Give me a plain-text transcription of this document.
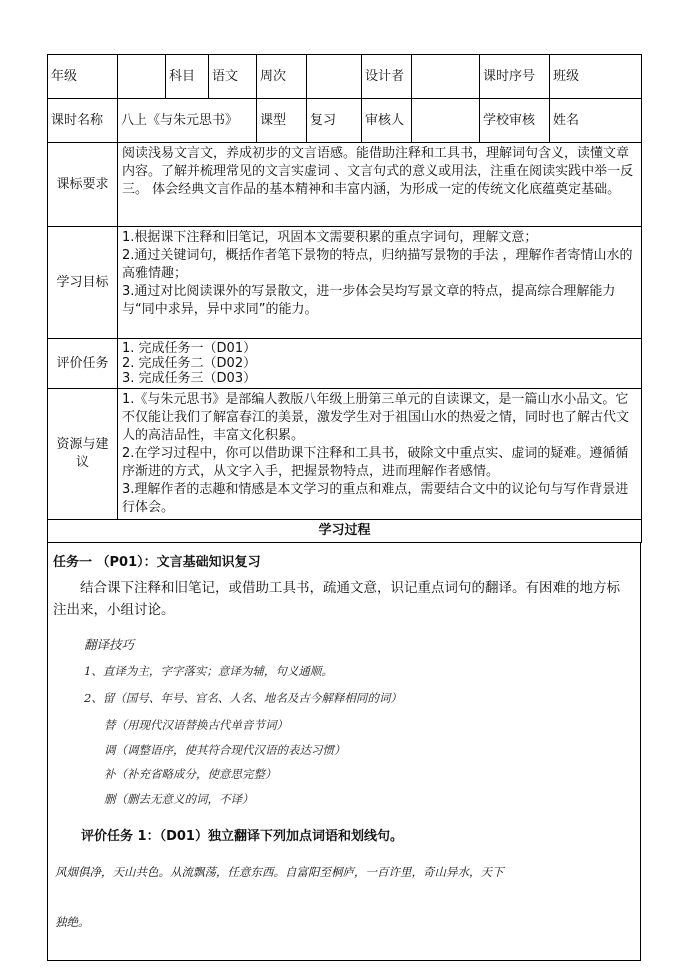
年级		科目	语文	周次		设计者		课时序号	班级
课时名称	八上《与朱元思书》			课型	复习	审核人		学校审核	姓名
课标要求	阅读浅易文言文，养成初步的文言语感。能借助注释和工具书，理解词句含义，读懂文章内容。了解并梳理常见的文言实虚词 、文言句式的意义或用法，注重在阅读实践中举一反三。 体会经典文言作品的基本精神和丰富内涵，为形成一定的传统文化底蕴奠定基础。								
学习目标	1.根据课下注释和旧笔记，巩固本文需要积累的重点字词句，理解文意；
2.通过关键词句，概括作者笔下景物的特点，归纳描写景物的手法 ，理解作者寄情山水的高雅情趣；
3.通过对比阅读课外的写景散文，进一步体会吴均写景文章的特点，提高综合理解能力与“同中求异，异中求同”的能力。								

评价任务	1. 完成任务一（D01）
2. 完成任务二（D02）
3. 完成任务三（D03）								

资源与建议	1.《与朱元思书》是部编人教版八年级上册第三单元的自读课文，是一篇山水小品文。它不仅能让我们了解富春江的美景，激发学生对于祖国山水的热爱之情，同时也了解古代文人的高洁品性，丰富文化积累。
2.在学习过程中，你可以借助课下注释和工具书，破除文中重点实、虚词的疑难。遵循循序渐进的方式，从文字入手，把握景物特点，进而理解作者感情。
3.理解作者的志趣和情感是本文学习的重点和难点，需要结合文中的议论句与写作背景进行体会。								

学习过程									
任务一 （P01）：文言基础知识复习
结合课下注释和旧笔记，或借助工具书，疏通文意，识记重点词句的翻译。有困难的地方标注出来，小组讨论。
翻译技巧
1、直译为主，字字落实；意译为辅，句义通顺。
2、留（国号、年号、官名、人名、地名及古今解释相同的词）
替（用现代汉语替换古代单音节词）
调（调整语序，使其符合现代汉语的表达习惯）
补（补充省略成分，使意思完整）
删（删去无意义的词，不译）
评价任务 1：（D01）独立翻译下列加点词语和划线句。
风烟俱净，天山共色。从流飘荡，任意东西。自富阳至桐庐，一百许里，奇山异水，天下
独绝。
